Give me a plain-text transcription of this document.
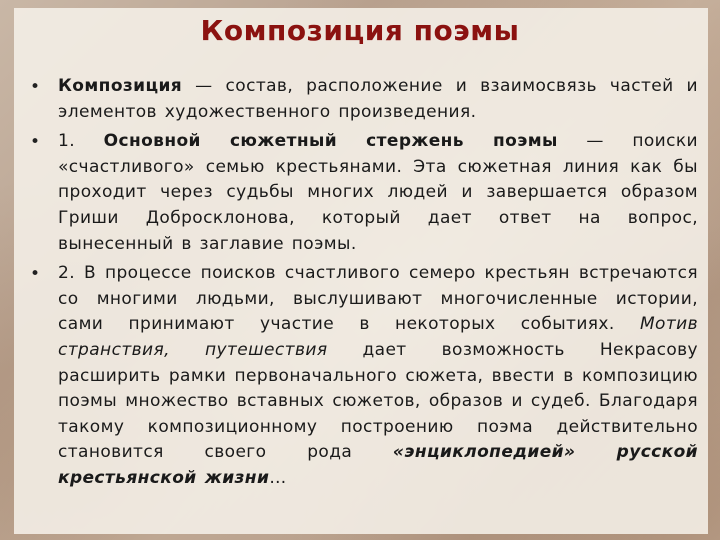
Композиция поэмы
• Композиция — состав, расположение и взаимосвязь частей и элементов художественного произведения.
• 1. Основной сюжетный стержень поэмы — поиски «счастливого» семью крестьянами. Эта сюжетная линия как бы проходит через судьбы многих людей и завершается образом Гриши Добросклонова, который дает ответ на вопрос, вынесенный в заглавие поэмы.
• 2. В процессе поисков счастливого семеро крестьян встречаются со многими людьми, выслушивают многочисленные истории, сами принимают участие в некоторых событиях. Мотив странствия, путешествия дает возможность Некрасову расширить рамки первоначального сюжета, ввести в композицию поэмы множество вставных сюжетов, образов и судеб. Благодаря такому композиционному построению поэма действительно становится своего рода «энциклопедией» русской крестьянской жизни…
